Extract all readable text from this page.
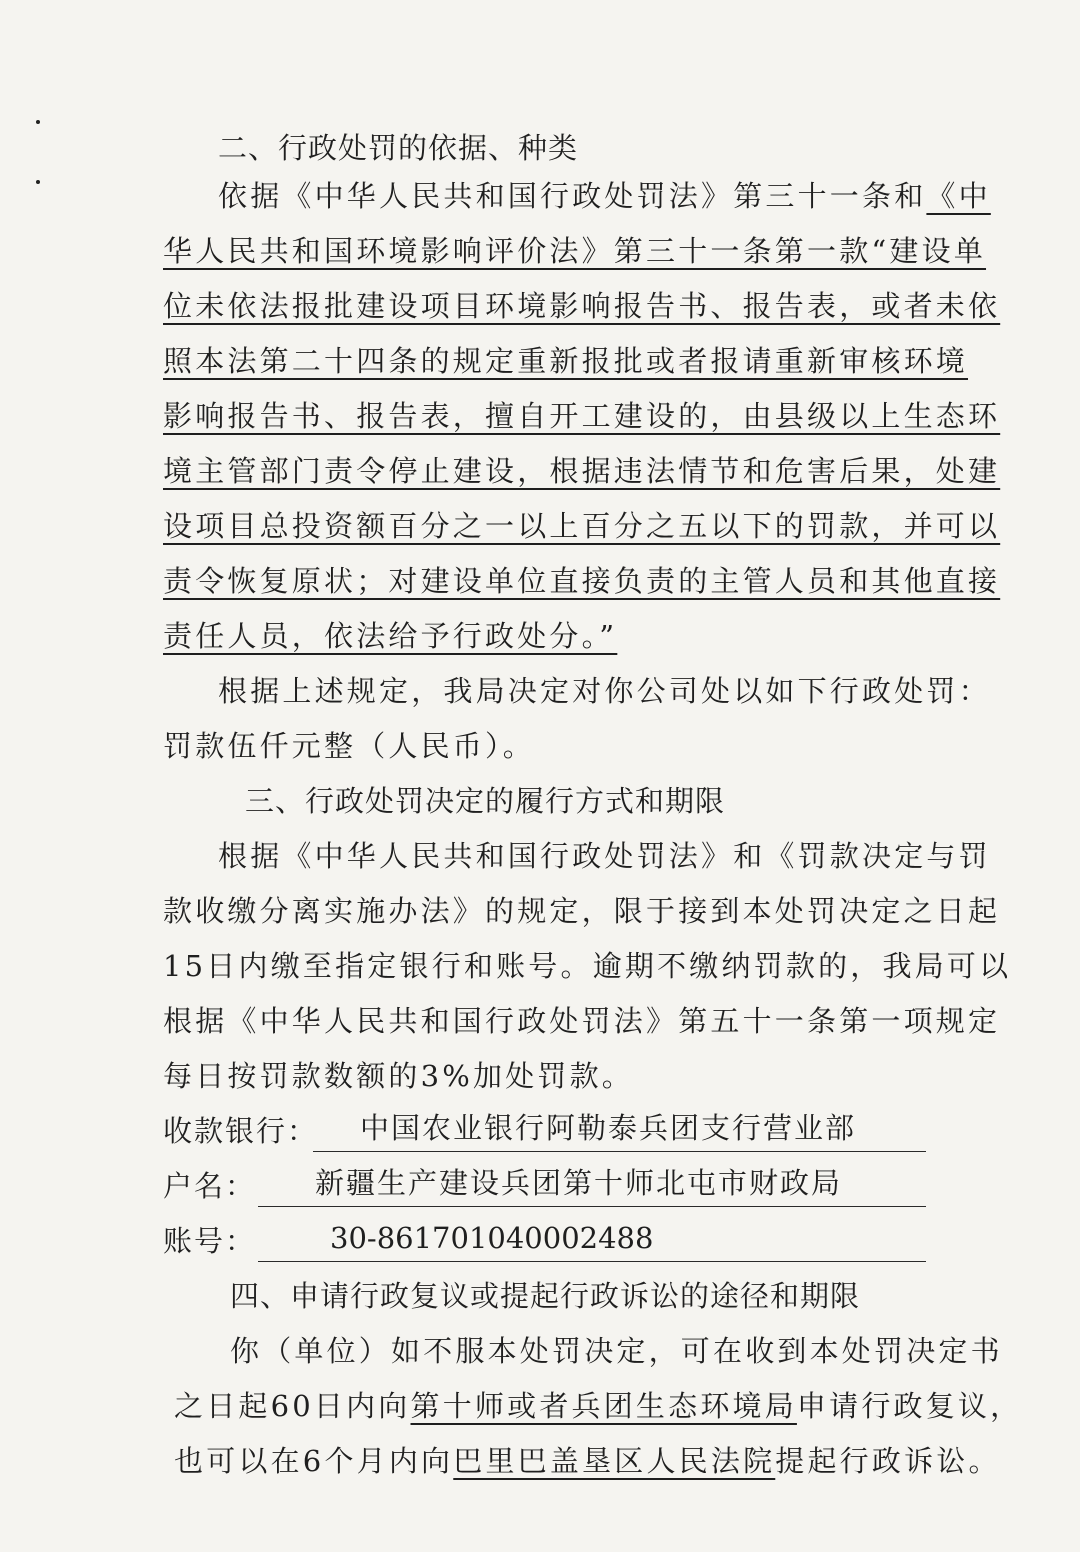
二、行政处罚的依据、种类
依据《中华人民共和国行政处罚法》第三十一条和《中
华人民共和国环境影响评价法》第三十一条第一款“建设单
位未依法报批建设项目环境影响报告书、报告表，或者未依
照本法第二十四条的规定重新报批或者报请重新审核环境
影响报告书、报告表，擅自开工建设的，由县级以上生态环
境主管部门责令停止建设，根据违法情节和危害后果，处建
设项目总投资额百分之一以上百分之五以下的罚款，并可以
责令恢复原状；对建设单位直接负责的主管人员和其他直接
责任人员，依法给予行政处分。”
根据上述规定，我局决定对你公司处以如下行政处罚：
罚款伍仟元整（人民币）。
三、行政处罚决定的履行方式和期限
根据《中华人民共和国行政处罚法》和《罚款决定与罚
款收缴分离实施办法》的规定，限于接到本处罚决定之日起
15日内缴至指定银行和账号。逾期不缴纳罚款的，我局可以
根据《中华人民共和国行政处罚法》第五十一条第一项规定
每日按罚款数额的3%加处罚款。
收款银行： 中国农业银行阿勒泰兵团支行营业部
户名： 新疆生产建设兵团第十师北屯市财政局
账号：	30-861701040002488
四、申请行政复议或提起行政诉讼的途径和期限
你（单位）如不服本处罚决定，可在收到本处罚决定书
之日起60日内向第十师或者兵团生态环境局申请行政复议，
也可以在6个月内向巴里巴盖垦区人民法院提起行政诉讼。
